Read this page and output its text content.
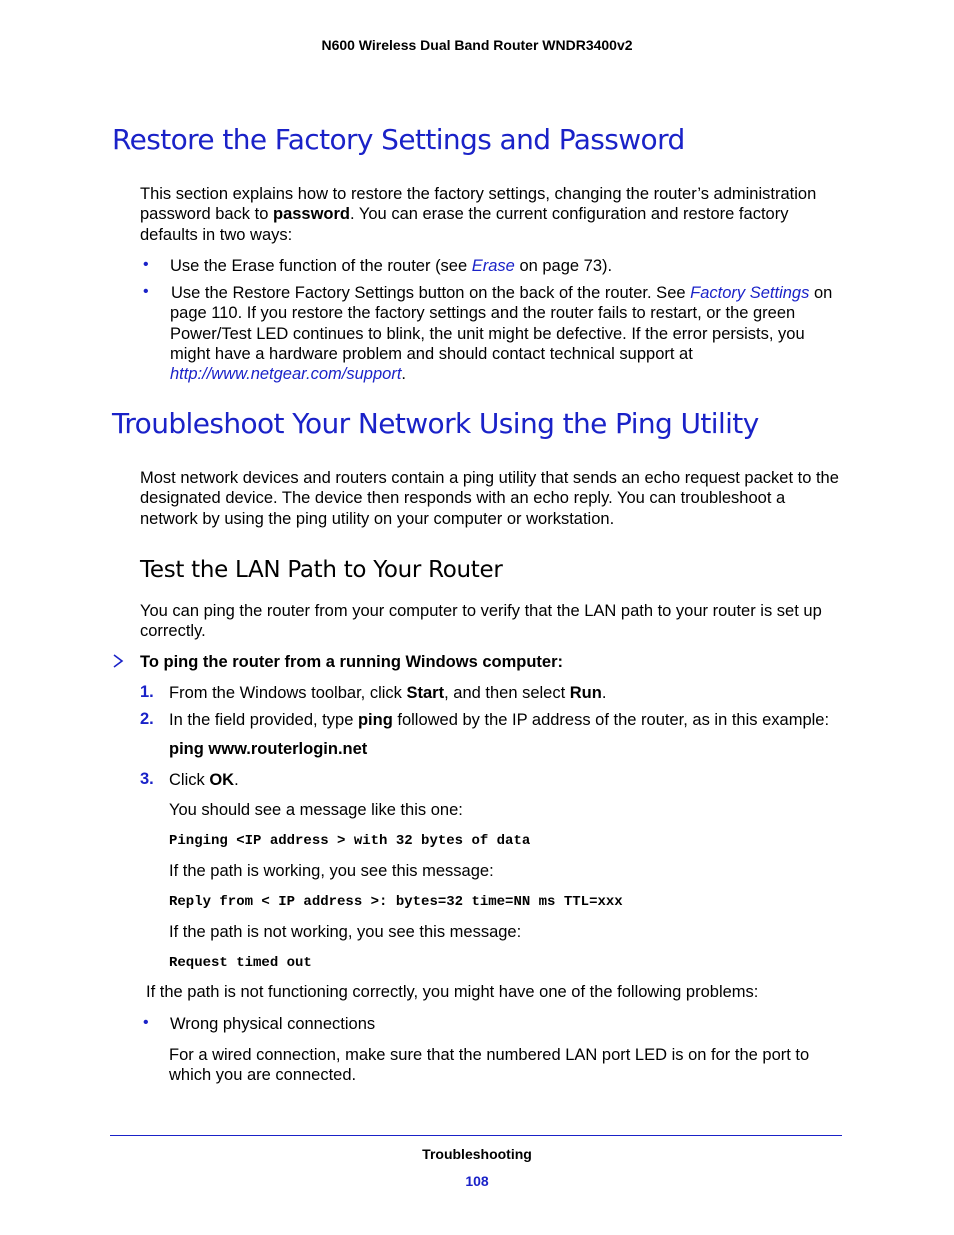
N600 Wireless Dual Band Router WNDR3400v2
Restore the Factory Settings and Password
This section explains how to restore the factory settings, changing the router’s administration password back to password. You can erase the current configuration and restore factory defaults in two ways:
• Use the Erase function of the router (see Erase on page 73).
• Use the Restore Factory Settings button on the back of the router. See Factory Settings on page 110. If you restore the factory settings and the router fails to restart, or the green Power/Test LED continues to blink, the unit might be defective. If the error persists, you might have a hardware problem and should contact technical support at http://www.netgear.com/support.
Troubleshoot Your Network Using the Ping Utility
Most network devices and routers contain a ping utility that sends an echo request packet to the designated device. The device then responds with an echo reply. You can troubleshoot a network by using the ping utility on your computer or workstation.
Test the LAN Path to Your Router
You can ping the router from your computer to verify that the LAN path to your router is set up correctly.
To ping the router from a running Windows computer:
1. From the Windows toolbar, click Start, and then select Run.
2. In the field provided, type ping followed by the IP address of the router, as in this example:
ping www.routerlogin.net
3. Click OK.
You should see a message like this one:
Pinging <IP address > with 32 bytes of data
If the path is working, you see this message:
Reply from < IP address >: bytes=32 time=NN ms TTL=xxx
If the path is not working, you see this message:
Request timed out
If the path is not functioning correctly, you might have one of the following problems:
• Wrong physical connections
For a wired connection, make sure that the numbered LAN port LED is on for the port to which you are connected.
Troubleshooting
108
